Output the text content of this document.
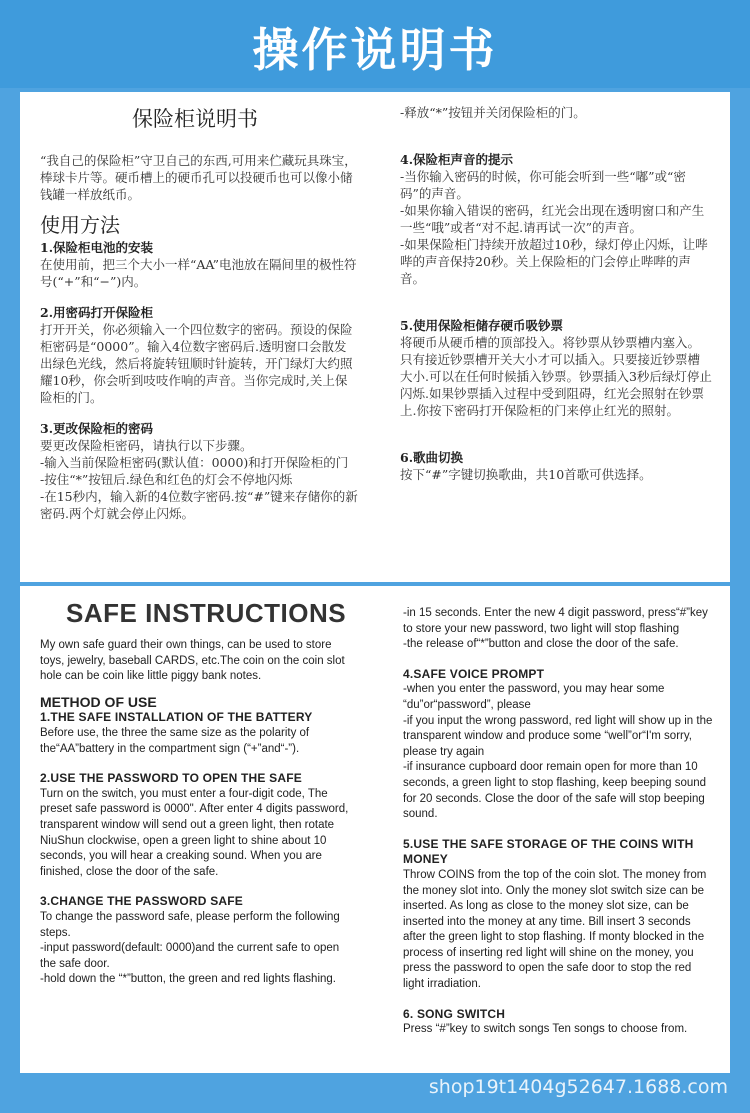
操作说明书
保险柜说明书

“我自己的保险柜”守卫自己的东西,可用来伫藏玩具珠宝，棒球卡片等。硬币槽上的硬币孔可以投硬币也可以像小储钱罐一样放纸币。

使用方法

1.保险柜电池的安装

在使用前，把三个大小一样“AA”电池放在隔间里的极性符号(“+”和“−”)内。

2.用密码打开保险柜

打开开关，你必须输入一个四位数字的密码。预设的保险柜密码是“0000”。输入4位数字密码后.透明窗口会散发出绿色光线，然后将旋转钮顺时针旋转，开门绿灯大约照耀10秒，你会听到吱吱作响的声音。当你完成时,关上保险柜的门。

3.更改保险柜的密码

要更改保险柜密码，请执行以下步骤。

-输入当前保险柜密码(默认值：0000)和打开保险柜的门

-按住“*”按钮后.绿色和红色的灯会不停地闪烁

-在15秒内，输入新的4位数字密码.按“#”键来存储你的新密码.两个灯就会停止闪烁。

-释放“*”按钮并关闭保险柜的门。

4.保险柜声音的提示

-当你输入密码的时候，你可能会听到一些“嘟”或“密码”的声音。

-如果你输入错误的密码，红光会出现在透明窗口和产生一些“哦”或者“对不起.请再试一次”的声音。

-如果保险柜门持续开放超过10秒，绿灯停止闪烁，让哔哔的声音保持20秒。关上保险柜的门会停止哔哔的声音。

5.使用保险柜储存硬币吸钞票

将硬币从硬币槽的顶部投入。将钞票从钞票槽内塞入。只有接近钞票槽开关大小才可以插入。只要接近钞票槽大小.可以在任何时候插入钞票。钞票插入3秒后绿灯停止闪烁.如果钞票插入过程中受到阻碍，红光会照射在钞票上.你按下密码打开保险柜的门来停止红光的照射。

6.歌曲切换

按下“#”字键切换歌曲，共10首歌可供选择。

SAFE INSTRUCTIONS

My own safe guard their own things, can be used to store toys, jewelry, baseball CARDS, etc.The coin on the coin slot hole can be coin like little piggy bank notes.

METHOD OF USE

1.THE SAFE INSTALLATION OF THE BATTERY

Before use, the three the same size as the polarity of the“AA”battery in the compartment sign (“+”and“-”).

2.USE THE PASSWORD TO OPEN THE SAFE

Turn on the switch, you must enter a four-digit code, The preset safe password is 0000". After enter 4 digits password, transparent window will send out a green light, then rotate NiuShun clockwise, open a green light to shine about 10 seconds, you will hear a creaking sound. When you are finished, close the door of the safe.

3.CHANGE THE PASSWORD SAFE

To change the password safe, please perform the following steps.

-input password(default: 0000)and the current safe to open the safe door.

-hold down the “*”button, the green and red lights flashing.

-in 15 seconds. Enter the new 4 digit password, press“#”key to store your new password, two light will stop flashing

-the release of“*”button and close the door of the safe.

4.SAFE VOICE PROMPT

-when you enter the password, you may hear some “du”or“password”, please

-if you input the wrong password, red light will show up in the transparent window and produce some “well”or“I'm sorry, please try again

-if insurance cupboard door remain open for more than 10 seconds, a green light to stop flashing, keep beeping sound for 20 seconds. Close the door of the safe will stop beeping sound.

5.USE THE SAFE STORAGE OF THE COINS WITH MONEY

Throw COINS from the top of the coin slot. The money from the money slot into. Only the money slot switch size can be inserted. As long as close to the money slot size, can be inserted into the money at any time. Bill insert 3 seconds after the green light to stop flashing. If monty blocked in the process of inserting red light will shine on the money, you press the password to open the safe door to stop the red light irradiation.

6. SONG SWITCH

Press “#”key to switch songs Ten songs to choose from.

shop19t1404g52647.1688.com
